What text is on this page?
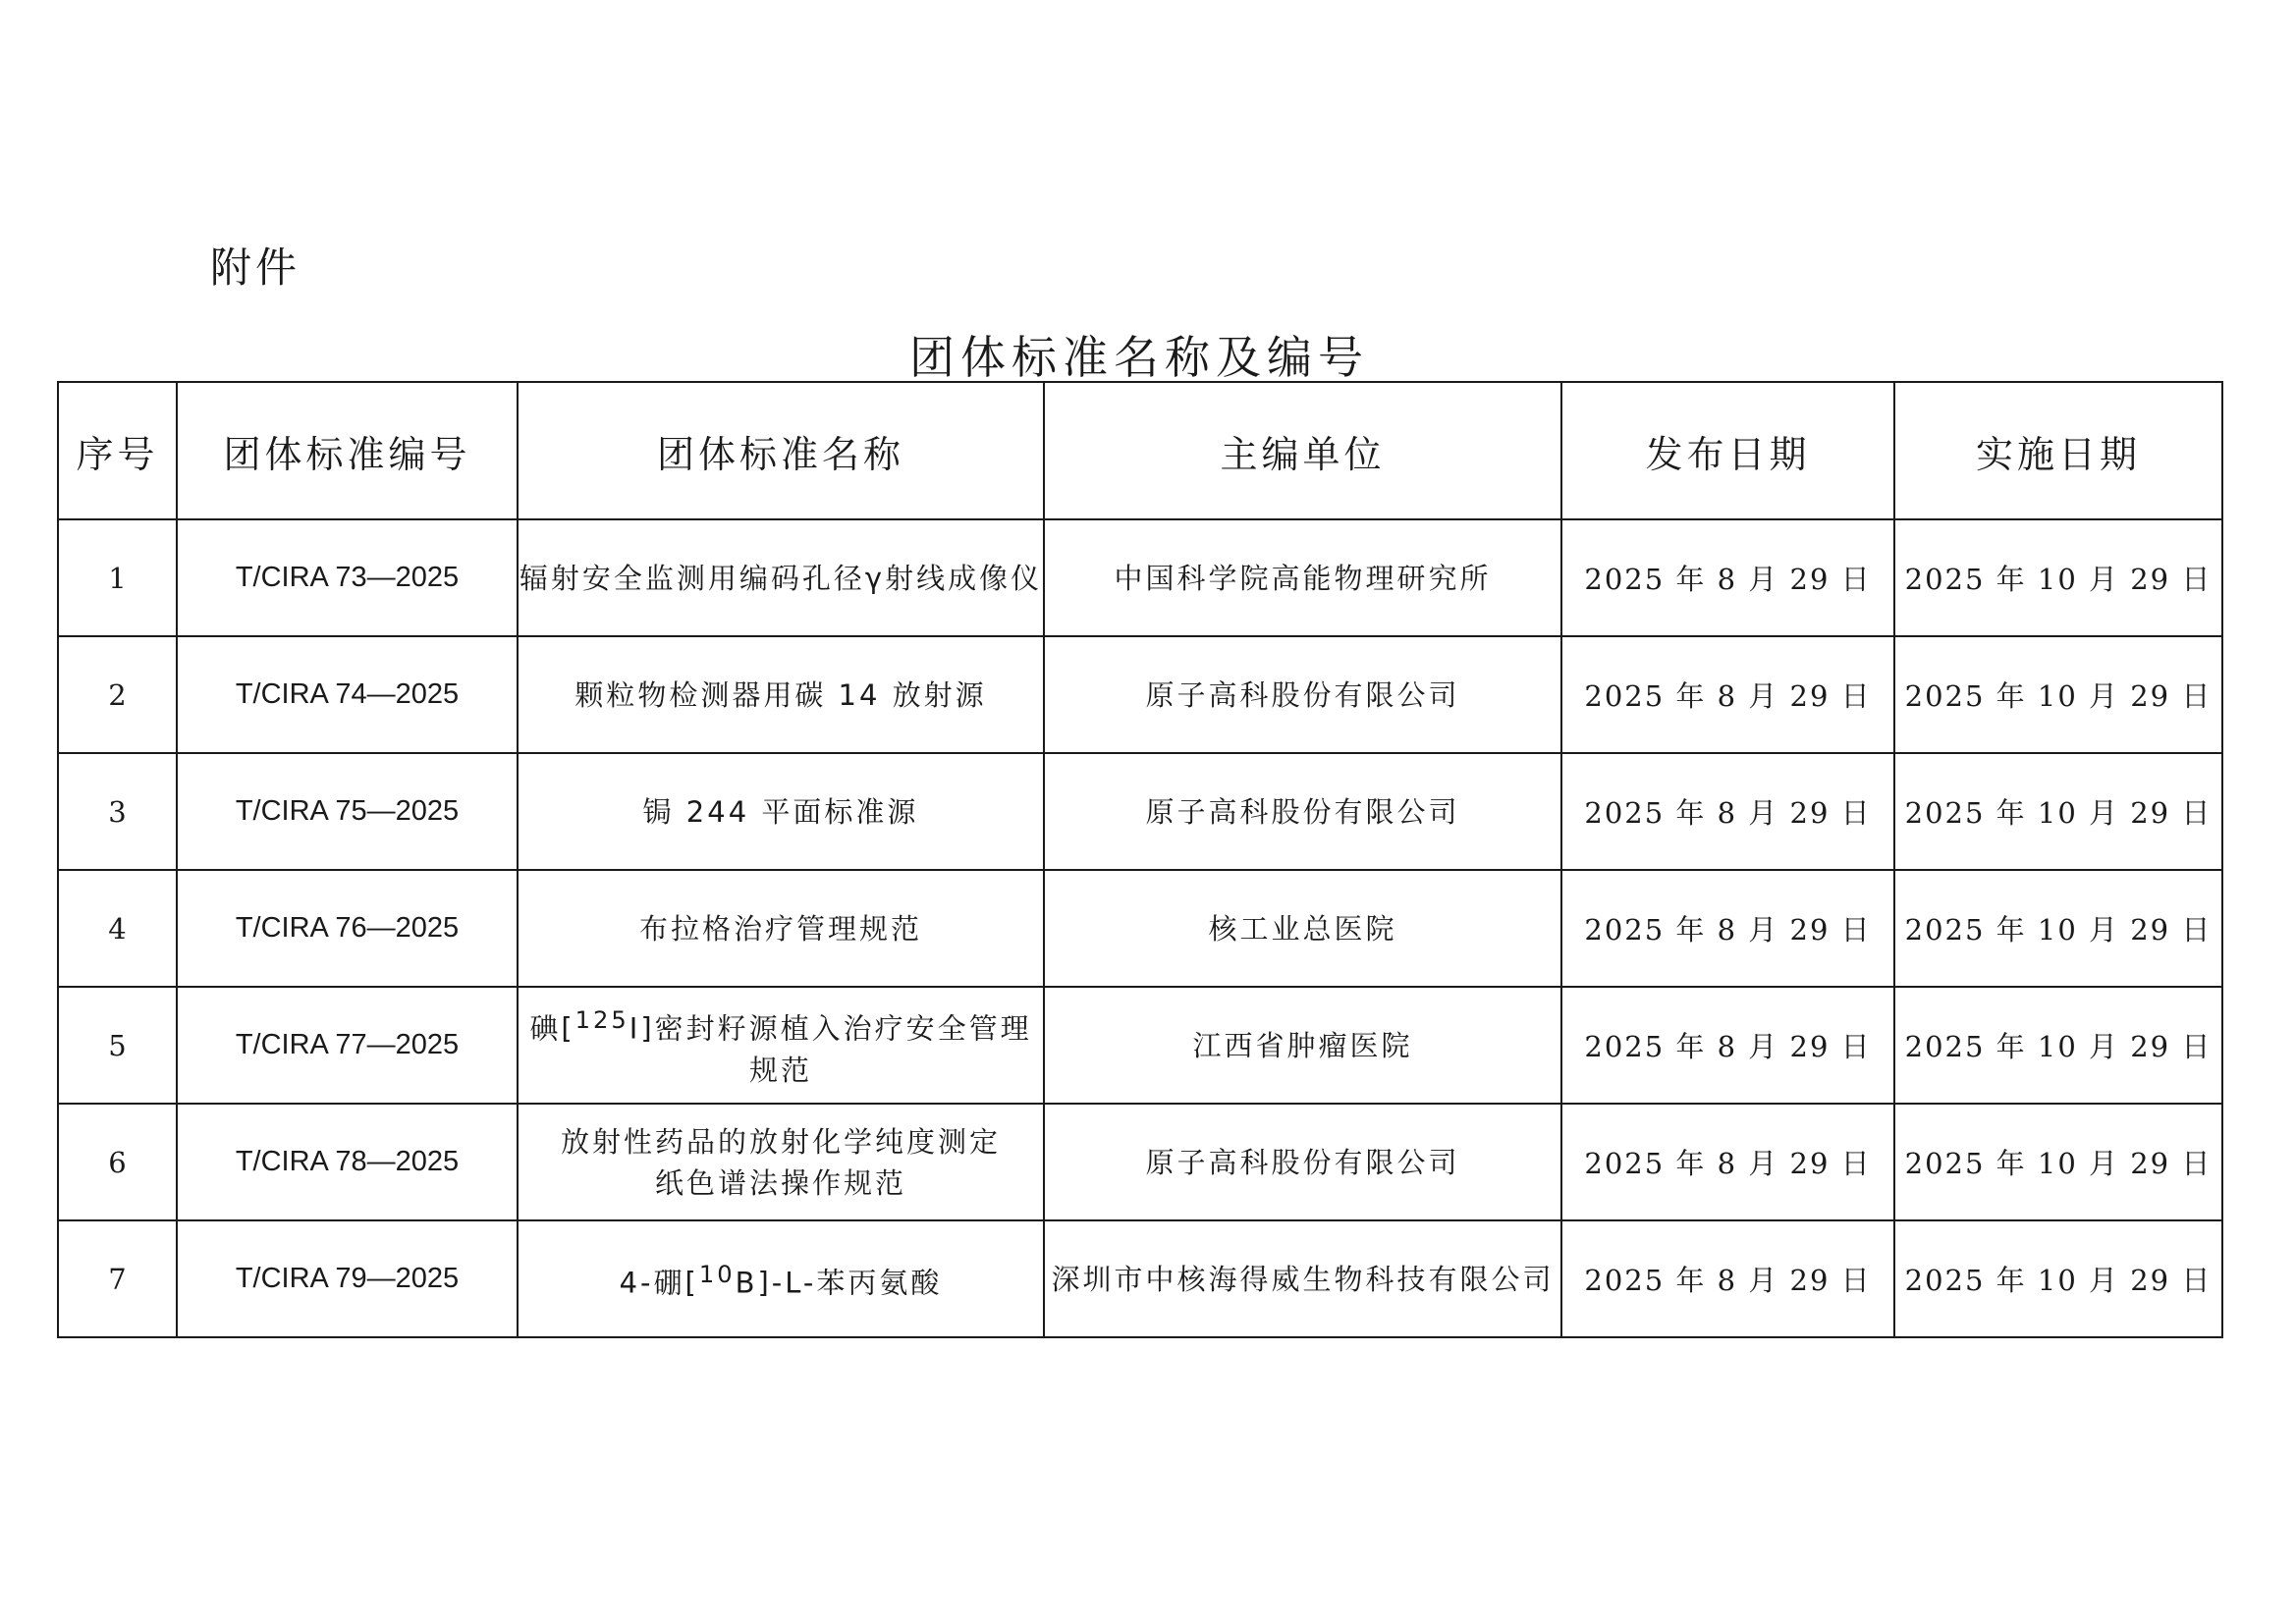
附件
团体标准名称及编号
序号	团体标准编号	团体标准名称	主编单位	发布日期	实施日期
1	T/CIRA 73—2025	辐射安全监测用编码孔径γ射线成像仪	中国科学院高能物理研究所	2025 年 8 月 29 日	2025 年 10 月 29 日
2	T/CIRA 74—2025	颗粒物检测器用碳 14 放射源	原子高科股份有限公司	2025 年 8 月 29 日	2025 年 10 月 29 日
3	T/CIRA 75—2025	锔 244 平面标准源	原子高科股份有限公司	2025 年 8 月 29 日	2025 年 10 月 29 日
4	T/CIRA 76—2025	布拉格治疗管理规范	核工业总医院	2025 年 8 月 29 日	2025 年 10 月 29 日
5	T/CIRA 77—2025	碘[$^{125}$I]密封籽源植入治疗安全管理规范	江西省肿瘤医院	2025 年 8 月 29 日	2025 年 10 月 29 日
6	T/CIRA 78—2025	放射性药品的放射化学纯度测定
纸色谱法操作规范	原子高科股份有限公司	2025 年 8 月 29 日	2025 年 10 月 29 日
7	T/CIRA 79—2025	4-硼[$^{10}$B]-L-苯丙氨酸	深圳市中核海得威生物科技有限公司	2025 年 8 月 29 日	2025 年 10 月 29 日
